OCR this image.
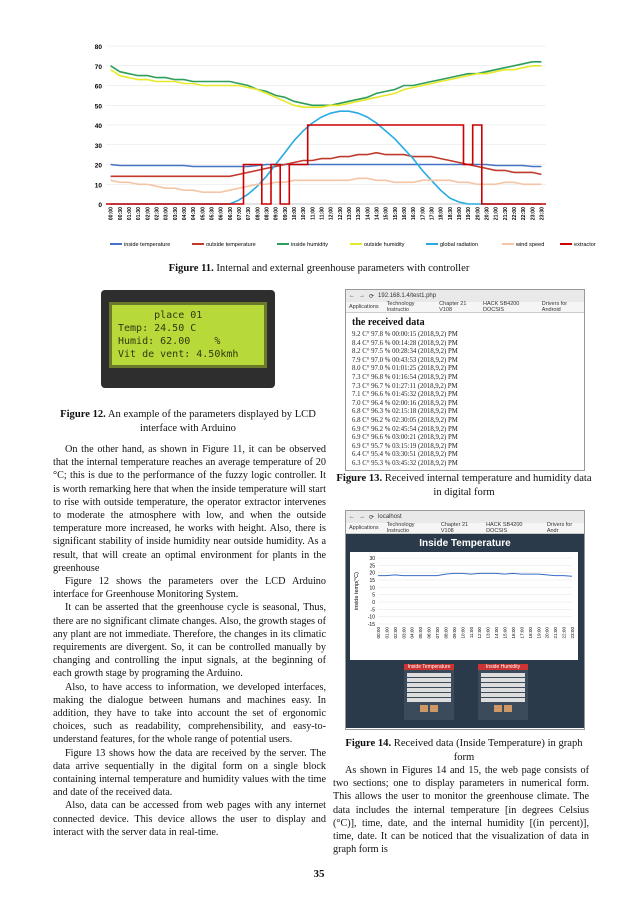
0
10
20
30
40
50
60
70
80
00:00 00:30 01:00 01:30 02:00 02:30 03:00 03:30 04:00 04:30 05:00 05:30 06:00 06:30 07:00 07:30 08:00 08:30 09:00 09:30 10:00 10:30 11:00 11:30 12:00 12:30 13:00 13:30 14:00 14:30 15:00 15:30 16:00 16:30 17:00 17:30 18:00 18:30 19:00 19:30 20:00 20:30 21:00 21:30 22:00 22:30 23:00 23:30
inside temperature	outside temperature	inside humidity	outside humidity	global radiation	wind speed	extractor
Figure 11. Internal and external greenhouse parameters with controller
place 01
Temp: 24.50 C
Humid: 62.00    %
Vit de vent: 4.50kmh
Figure 12. An example of the parameters displayed by LCD interface with Arduino

On the other hand, as shown in Figure 11, it can be observed that the internal temperature reaches an average temperature of 20 °C; this is due to the performance of the fuzzy logic controller. It is worth remarking here that when the inside temperature will start to rise with outside temperature, the operator extractor intervenes to moderate the atmosphere with low, and when the outside temperature more increased, he works with height. Also, there is significant stability of inside humidity near outside humidity. As a result, that will create an optimal environment for plants in the greenhouse

Figure 12 shows the parameters over the LCD Arduino interface for Greenhouse Monitoring System.

It can be asserted that the greenhouse cycle is seasonal, Thus, there are no significant climate changes. Also, the growth stages of any plant are not immediate. Therefore, the changes in its climatic requirements are divergent. So, it can be controlled manually by changing and controlling the input signals, at the beginning of each growth stage by programing the Arduino.

Also, to have access to information, we developed interfaces, making the dialogue between humans and machines easy. In addition, they have to take into account the set of ergonomic choices, such as readability, comprehensibility, and easy-to-understand features, for the whole range of potential users.

Figure 13 shows how the data are received by the server. The data arrive sequentially in the digital form on a single block containing internal temperature and humidity values with the time and date of the received data.

Also, data can be accessed from web pages with any internet connected device. This device allows the user to display and interact with the server data in real-time.

← → ⟳ 192.168.1.4/test1.php
Applications Technology Instructio
Chapter 21 V108
HACK SB4200 DOCSIS
Drivers for Android
the received data
9.2 C° 97.8 % 00:00:15 (2018,9,2) PM
8.4 C° 97.6 % 00:14:28 (2018,9,2) PM
8.2 C° 97.5 % 00:28:34 (2018,9,2) PM
7.9 C° 97.0 % 00:43:53 (2018,9,2) PM
8.0 C° 97.0 % 01:01:25 (2018,9,2) PM
7.3 C° 96.8 % 01:16:54 (2018,9,2) PM
7.3 C° 96.7 % 01:27:11 (2018,9,2) PM
7.1 C° 96.6 % 01:45:32 (2018,9,2) PM
7.0 C° 96.4 % 02:00:16 (2018,9,2) PM
6.8 C° 96.3 % 02:15:18 (2018,9,2) PM
6.8 C° 96.2 % 02:30:05 (2018,9,2) PM
6.9 C° 96.2 % 02:45:54 (2018,9,2) PM
6.9 C° 96.6 % 03:00:21 (2018,9,2) PM
6.9 C° 95.7 % 03:15:19 (2018,9,2) PM
6.4 C° 95.4 % 03:30:51 (2018,9,2) PM
6.3 C° 95.3 % 03:45:32 (2018,9,2) PM
Figure 13. Received internal temperature and humidity data in digital form
← → ⟳ localhost
Applications Technology Instructio
Chapter 21 V108
HACK SB4200 DOCSIS
Drivers for Andr
Inside Temperature
30
25
20
15
10
5
0
-5
-10
-15
inside temp(°C)
00:00 01:00 02:00 03:00 04:00 05:00 06:00 07:00 08:00 09:00 10:00 11:00 12:00 13:00 14:00 15:00 16:00 17:00 18:00 19:00 20:00 21:00 22:00 23:00
Inside Temperature	Inside Humidity
Figure 14. Received data (Inside Temperature) in graph form

As shown in Figures 14 and 15, the web page consists of two sections; one to display parameters in numerical form. This allows the user to monitor the greenhouse climate. The data includes the internal temperature [in degrees Celsius (°C)], time, date, and the internal humidity [(in percent)], time, date. It can be noticed that the visualization of data in graph form is

35
